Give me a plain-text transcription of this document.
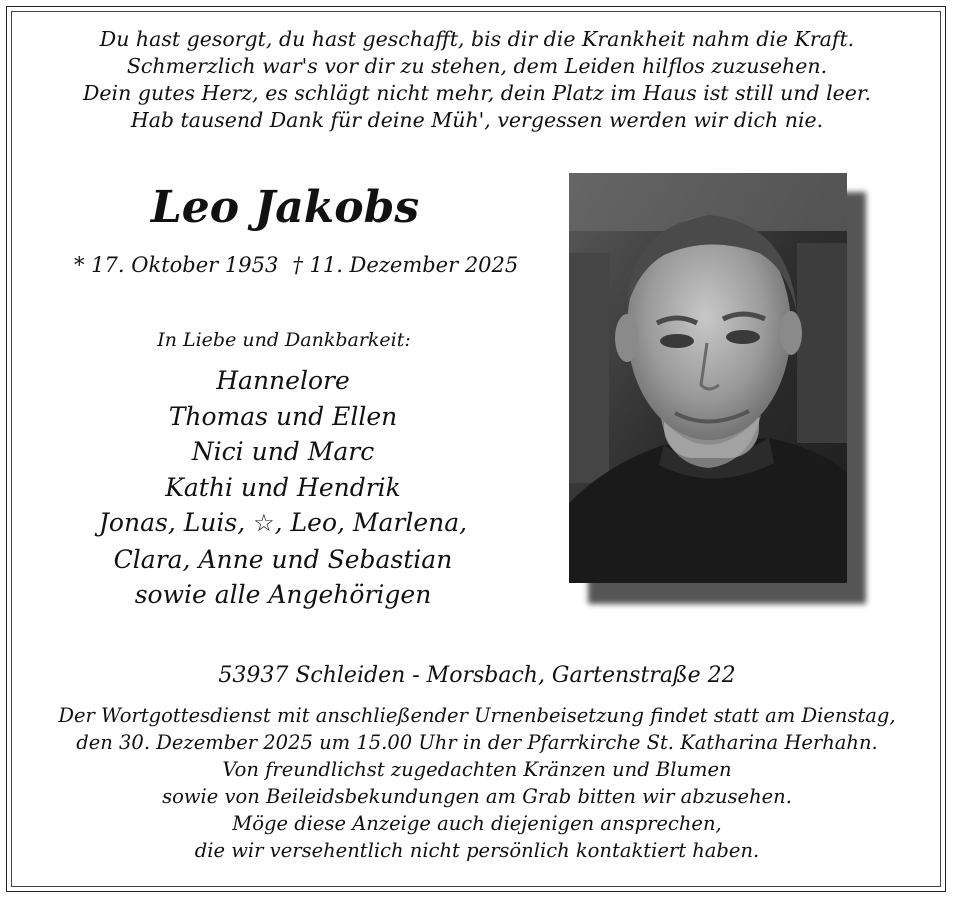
Du hast gesorgt, du hast geschafft, bis dir die Krankheit nahm die Kraft.
Schmerzlich war's vor dir zu stehen, dem Leiden hilflos zuzusehen.
Dein gutes Herz, es schlägt nicht mehr, dein Platz im Haus ist still und leer.
Hab tausend Dank für deine Müh', vergessen werden wir dich nie.
Leo Jakobs
* 17. Oktober 1953 † 11. Dezember 2025
In Liebe und Dankbarkeit:
Hannelore
Thomas und Ellen
Nici und Marc
Kathi und Hendrik
Jonas, Luis, ☆, Leo, Marlena,
Clara, Anne und Sebastian
sowie alle Angehörigen
53937 Schleiden - Morsbach, Gartenstraße 22
Der Wortgottesdienst mit anschließender Urnenbeisetzung findet statt am Dienstag,
den 30. Dezember 2025 um 15.00 Uhr in der Pfarrkirche St. Katharina Herhahn.
Von freundlichst zugedachten Kränzen und Blumen
sowie von Beileidsbekundungen am Grab bitten wir abzusehen.
Möge diese Anzeige auch diejenigen ansprechen,
die wir versehentlich nicht persönlich kontaktiert haben.
